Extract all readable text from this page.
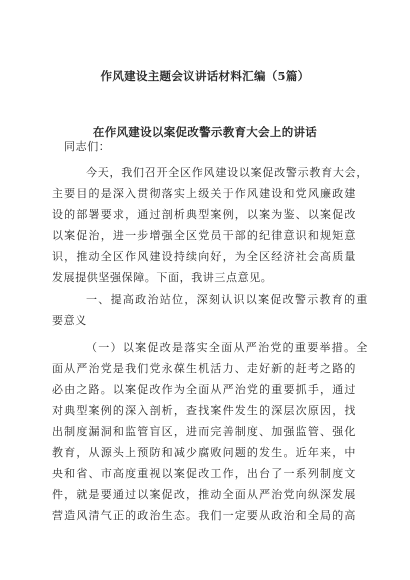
作风建设主题会议讲话材料汇编（5篇）
在作风建设以案促改警示教育大会上的讲话
同志们：
今天，我们召开全区作风建设以案促改警示教育大会，
主要目的是深入贯彻落实上级关于作风建设和党风廉政建
设的部署要求，通过剖析典型案例，以案为鉴、以案促改
以案促治，进一步增强全区党员干部的纪律意识和规矩意
识，推动全区作风建设持续向好，为全区经济社会高质量
发展提供坚强保障。下面，我讲三点意见。
一、提高政治站位，深刻认识以案促改警示教育的重
要意义
（一）以案促改是落实全面从严治党的重要举措。全
面从严治党是我们党永葆生机活力、走好新的赶考之路的
必由之路。以案促改作为全面从严治党的重要抓手，通过
对典型案例的深入剖析，查找案件发生的深层次原因，找
出制度漏洞和监管盲区，进而完善制度、加强监管、强化
教育，从源头上预防和减少腐败问题的发生。近年来，中
央和省、市高度重视以案促改工作，出台了一系列制度文
件，就是要通过以案促改，推动全面从严治党向纵深发展
营造风清气正的政治生态。我们一定要从政治和全局的高
